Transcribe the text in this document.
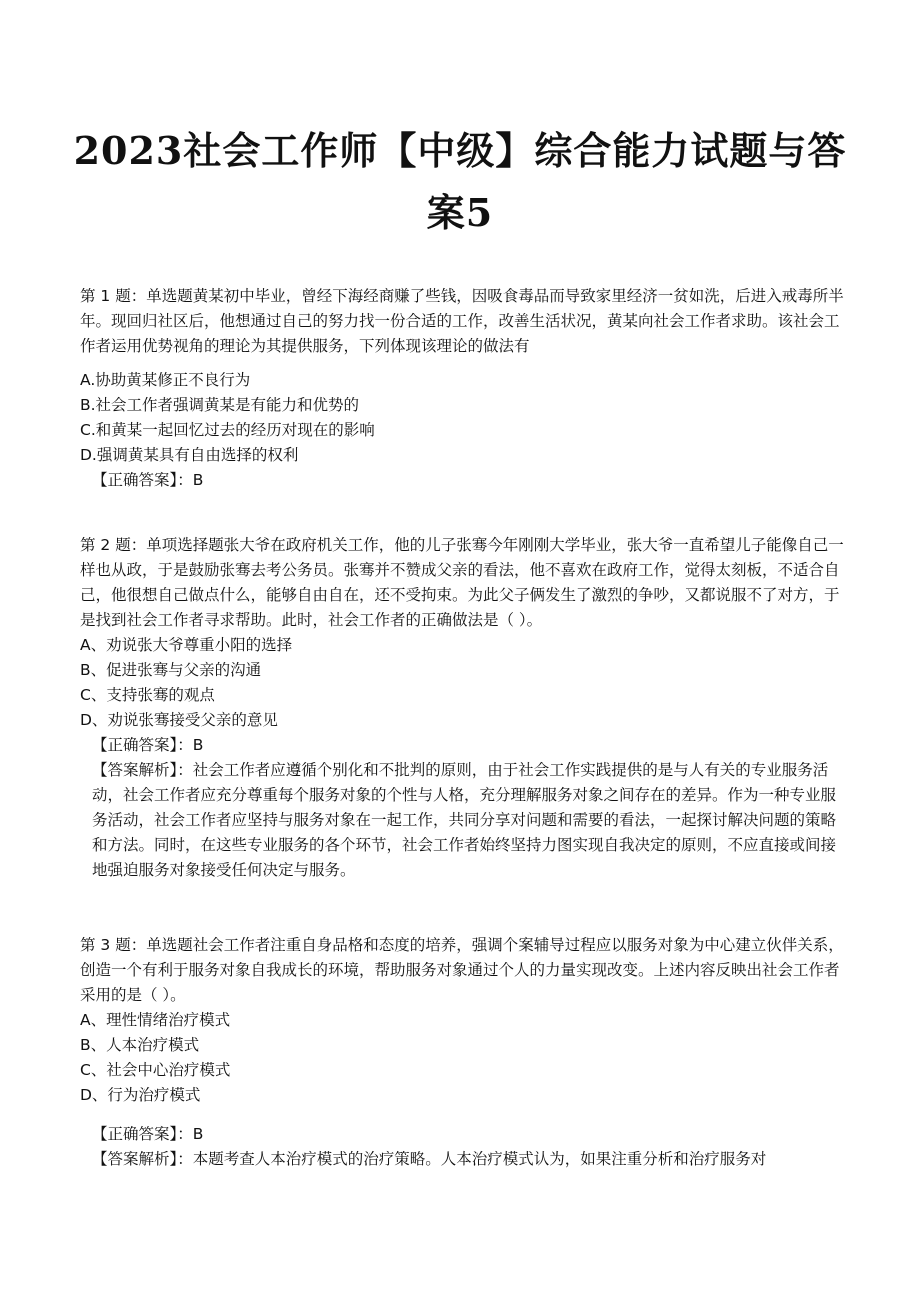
2023社会工作师【中级】综合能力试题与答案5

第 1 题：单选题黄某初中毕业，曾经下海经商赚了些钱，因吸食毒品而导致家里经济一贫如洗，后进入戒毒所半年。现回归社区后，他想通过自己的努力找一份合适的工作，改善生活状况，黄某向社会工作者求助。该社会工作者运用优势视角的理论为其提供服务，下列体现该理论的做法有

A.协助黄某修正不良行为

B.社会工作者强调黄某是有能力和优势的

C.和黄某一起回忆过去的经历对现在的影响

D.强调黄某具有自由选择的权利

【正确答案】：B

第 2 题：单项选择题张大爷在政府机关工作，他的儿子张骞今年刚刚大学毕业，张大爷一直希望儿子能像自己一样也从政，于是鼓励张骞去考公务员。张骞并不赞成父亲的看法，他不喜欢在政府工作，觉得太刻板，不适合自己，他很想自己做点什么，能够自由自在，还不受拘束。为此父子俩发生了激烈的争吵，又都说服不了对方，于是找到社会工作者寻求帮助。此时，社会工作者的正确做法是（ ）。

A、劝说张大爷尊重小阳的选择

B、促进张骞与父亲的沟通

C、支持张骞的观点

D、劝说张骞接受父亲的意见

【正确答案】：B

【答案解析】：社会工作者应遵循个别化和不批判的原则，由于社会工作实践提供的是与人有关的专业服务活动，社会工作者应充分尊重每个服务对象的个性与人格，充分理解服务对象之间存在的差异。作为一种专业服务活动，社会工作者应坚持与服务对象在一起工作，共同分享对问题和需要的看法，一起探讨解决问题的策略和方法。同时，在这些专业服务的各个环节，社会工作者始终坚持力图实现自我决定的原则，不应直接或间接地强迫服务对象接受任何决定与服务。

第 3 题：单选题社会工作者注重自身品格和态度的培养，强调个案辅导过程应以服务对象为中心建立伙伴关系，创造一个有利于服务对象自我成长的环境，帮助服务对象通过个人的力量实现改变。上述内容反映出社会工作者采用的是（ ）。

A、理性情绪治疗模式

B、人本治疗模式

C、社会中心治疗模式

D、行为治疗模式

【正确答案】：B

【答案解析】：本题考查人本治疗模式的治疗策略。人本治疗模式认为，如果注重分析和治疗服务对
